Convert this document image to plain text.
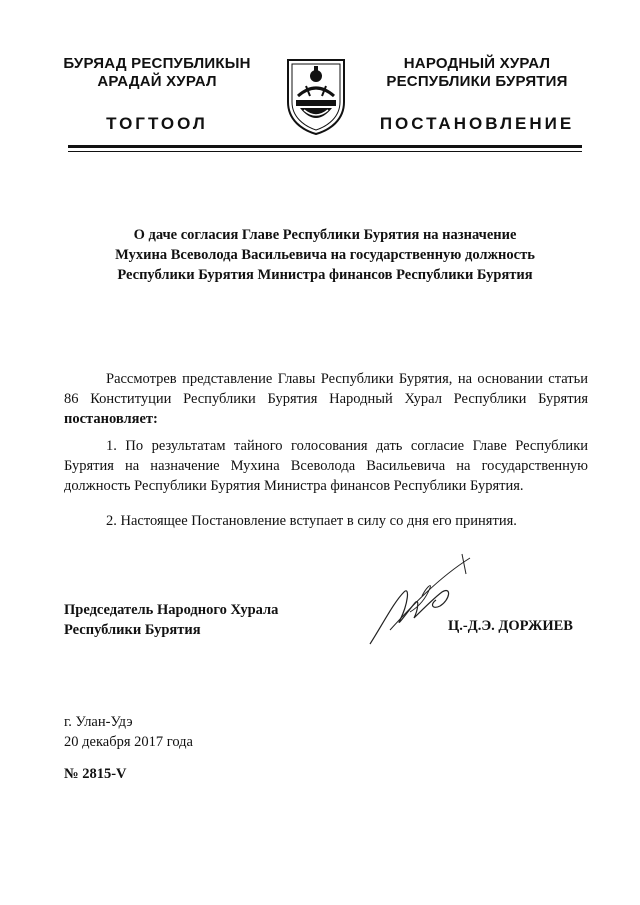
БУРЯАД РЕСПУБЛИКЫН
АРАДАЙ ХУРАЛ
ТОГТООЛ
НАРОДНЫЙ ХУРАЛ
РЕСПУБЛИКИ БУРЯТИЯ
ПОСТАНОВЛЕНИЕ
О даче согласия Главе Республики Бурятия на назначение
Мухина Всеволода Васильевича на государственную должность
Республики Бурятия Министра финансов Республики Бурятия
Рассмотрев представление Главы Республики Бурятия, на основании статьи 86 Конституции Республики Бурятия Народный Хурал Республики Бурятия постановляет:
1. По результатам тайного голосования дать согласие Главе Республики Бурятия на назначение Мухина Всеволода Васильевича на государственную должность Республики Бурятия Министра финансов Республики Бурятия.
2. Настоящее Постановление вступает в силу со дня его принятия.
Председатель Народного Хурала
Республики Бурятия	Ц.-Д.Э. ДОРЖИЕВ
г. Улан-Удэ
20 декабря 2017 года
№ 2815-V
